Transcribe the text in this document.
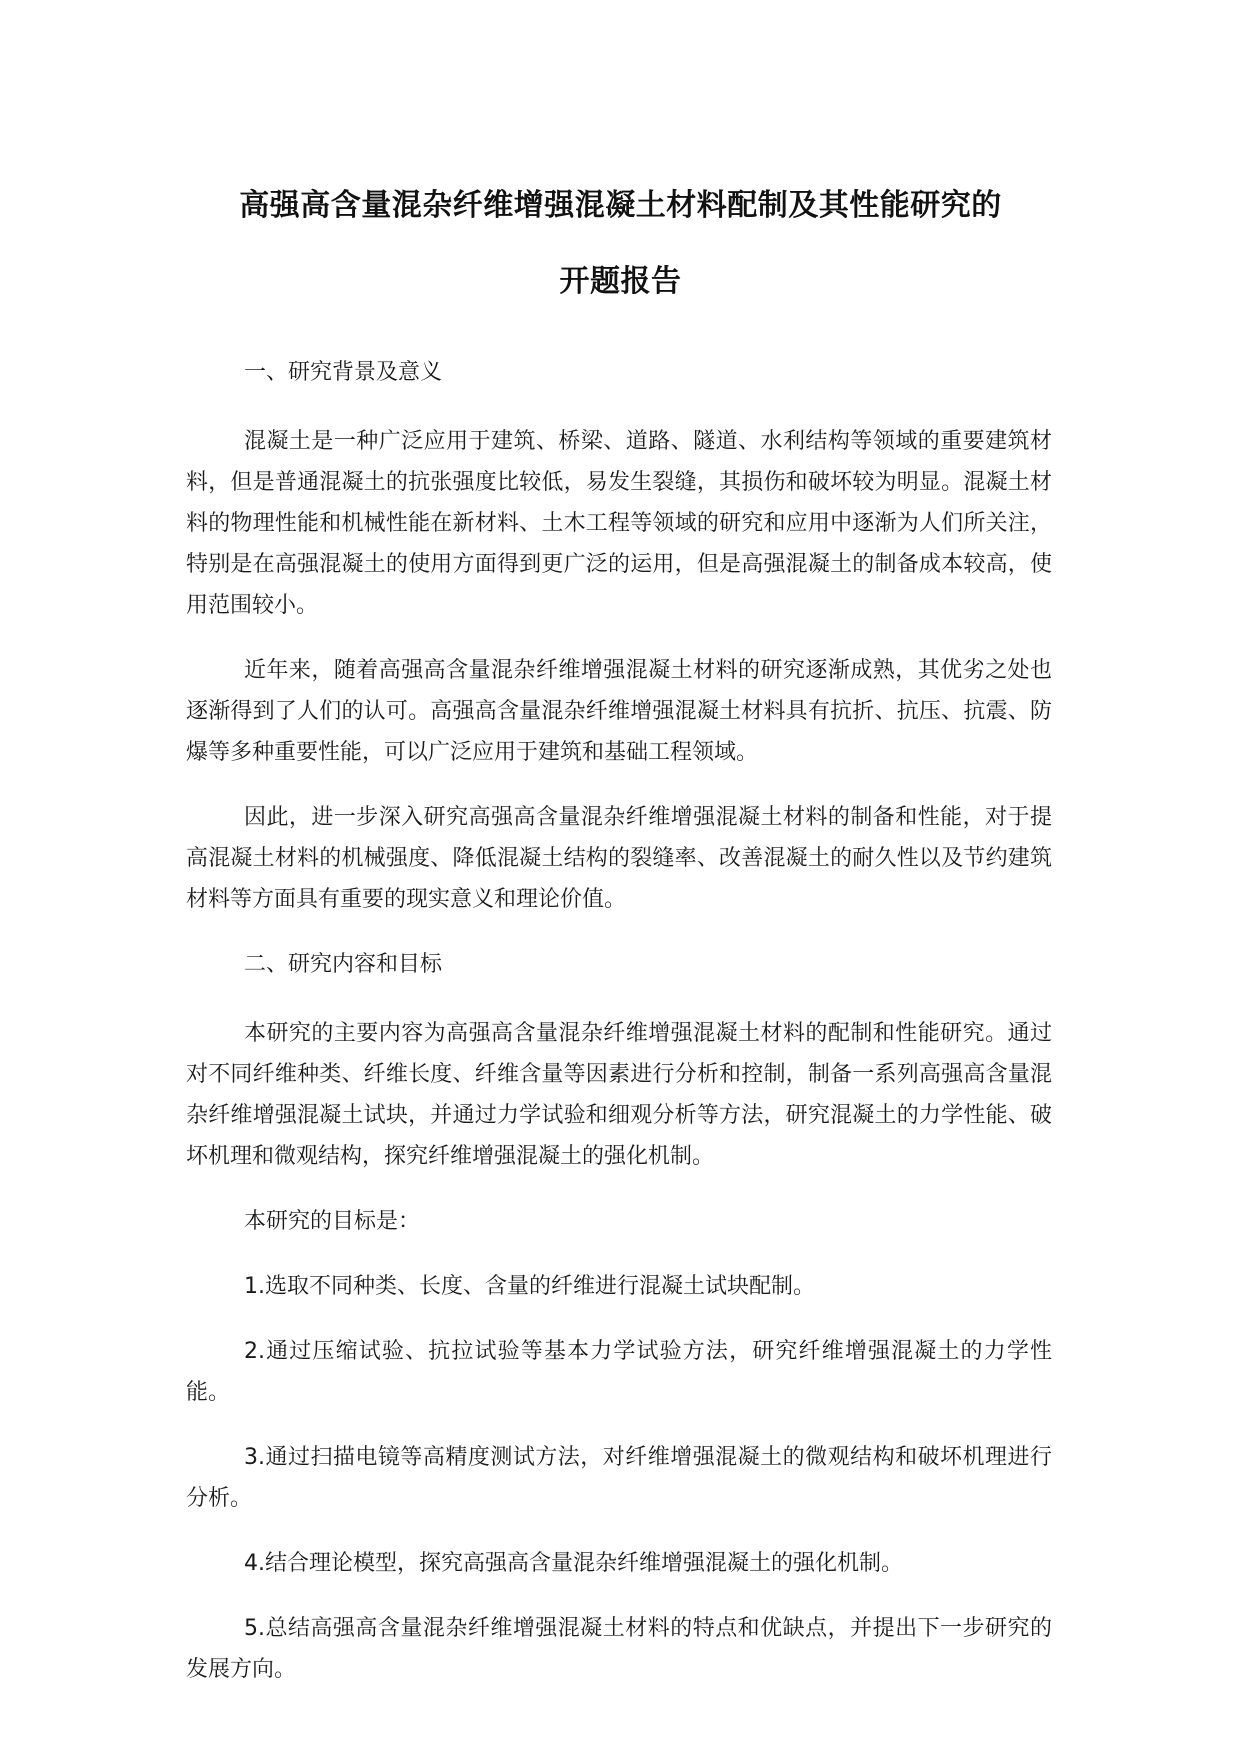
高强高含量混杂纤维增强混凝土材料配制及其性能研究的
开题报告

一、研究背景及意义

混凝土是一种广泛应用于建筑、桥梁、道路、隧道、水利结构等领域的重要建筑材料，但是普通混凝土的抗张强度比较低，易发生裂缝，其损伤和破坏较为明显。混凝土材料的物理性能和机械性能在新材料、土木工程等领域的研究和应用中逐渐为人们所关注，特别是在高强混凝土的使用方面得到更广泛的运用，但是高强混凝土的制备成本较高，使用范围较小。

近年来，随着高强高含量混杂纤维增强混凝土材料的研究逐渐成熟，其优劣之处也逐渐得到了人们的认可。高强高含量混杂纤维增强混凝土材料具有抗折、抗压、抗震、防爆等多种重要性能，可以广泛应用于建筑和基础工程领域。

因此，进一步深入研究高强高含量混杂纤维增强混凝土材料的制备和性能，对于提高混凝土材料的机械强度、降低混凝土结构的裂缝率、改善混凝土的耐久性以及节约建筑材料等方面具有重要的现实意义和理论价值。

二、研究内容和目标

本研究的主要内容为高强高含量混杂纤维增强混凝土材料的配制和性能研究。通过对不同纤维种类、纤维长度、纤维含量等因素进行分析和控制，制备一系列高强高含量混杂纤维增强混凝土试块，并通过力学试验和细观分析等方法，研究混凝土的力学性能、破坏机理和微观结构，探究纤维增强混凝土的强化机制。

本研究的目标是：

1.选取不同种类、长度、含量的纤维进行混凝土试块配制。

2.通过压缩试验、抗拉试验等基本力学试验方法，研究纤维增强混凝土的力学性能。

3.通过扫描电镜等高精度测试方法，对纤维增强混凝土的微观结构和破坏机理进行分析。

4.结合理论模型，探究高强高含量混杂纤维增强混凝土的强化机制。

5.总结高强高含量混杂纤维增强混凝土材料的特点和优缺点，并提出下一步研究的发展方向。
